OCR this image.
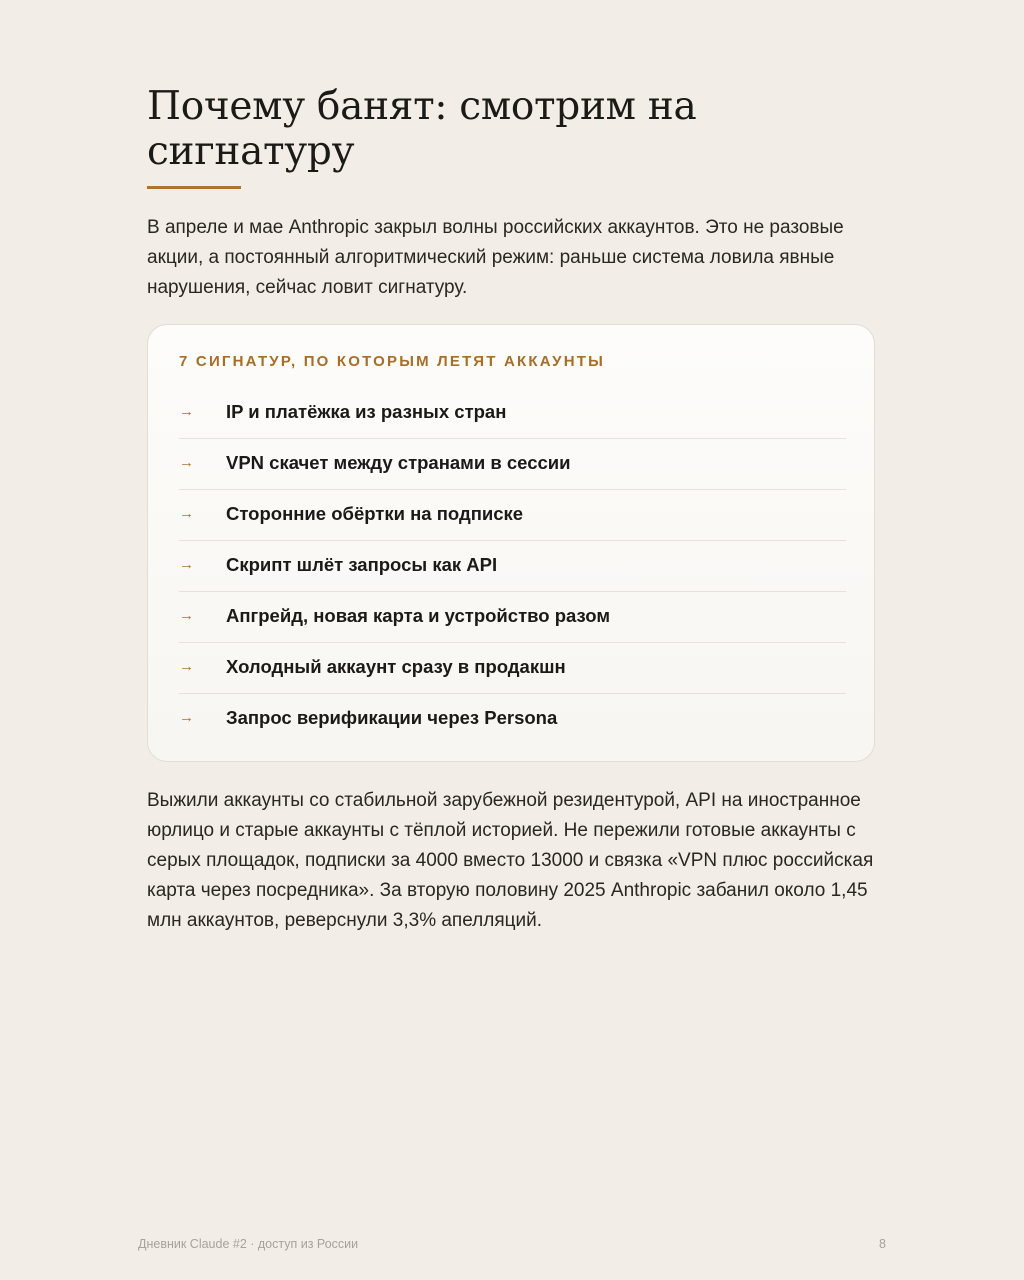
Почему банят: смотрим на сигнатуру

В апреле и мае Anthropic закрыл волны российских аккаунтов. Это не разовые акции, а постоянный алгоритмический режим: раньше система ловила явные нарушения, сейчас ловит сигнатуру.

7 СИГНАТУР, ПО КОТОРЫМ ЛЕТЯТ АККАУНТЫ
→ IP и платёжка из разных стран
→ VPN скачет между странами в сессии
→ Сторонние обёртки на подписке
→ Скрипт шлёт запросы как API
→ Апгрейд, новая карта и устройство разом
→ Холодный аккаунт сразу в продакшн
→ Запрос верификации через Persona

Выжили аккаунты со стабильной зарубежной резидентурой, API на иностранное юрлицо и старые аккаунты с тёплой историей. Не пережили готовые аккаунты с серых площадок, подписки за 4000 вместо 13000 и связка «VPN плюс российская карта через посредника». За вторую половину 2025 Anthropic забанил около 1,45 млн аккаунтов, реверснули 3,3% апелляций.

Дневник Claude #2 · доступ из России	8
